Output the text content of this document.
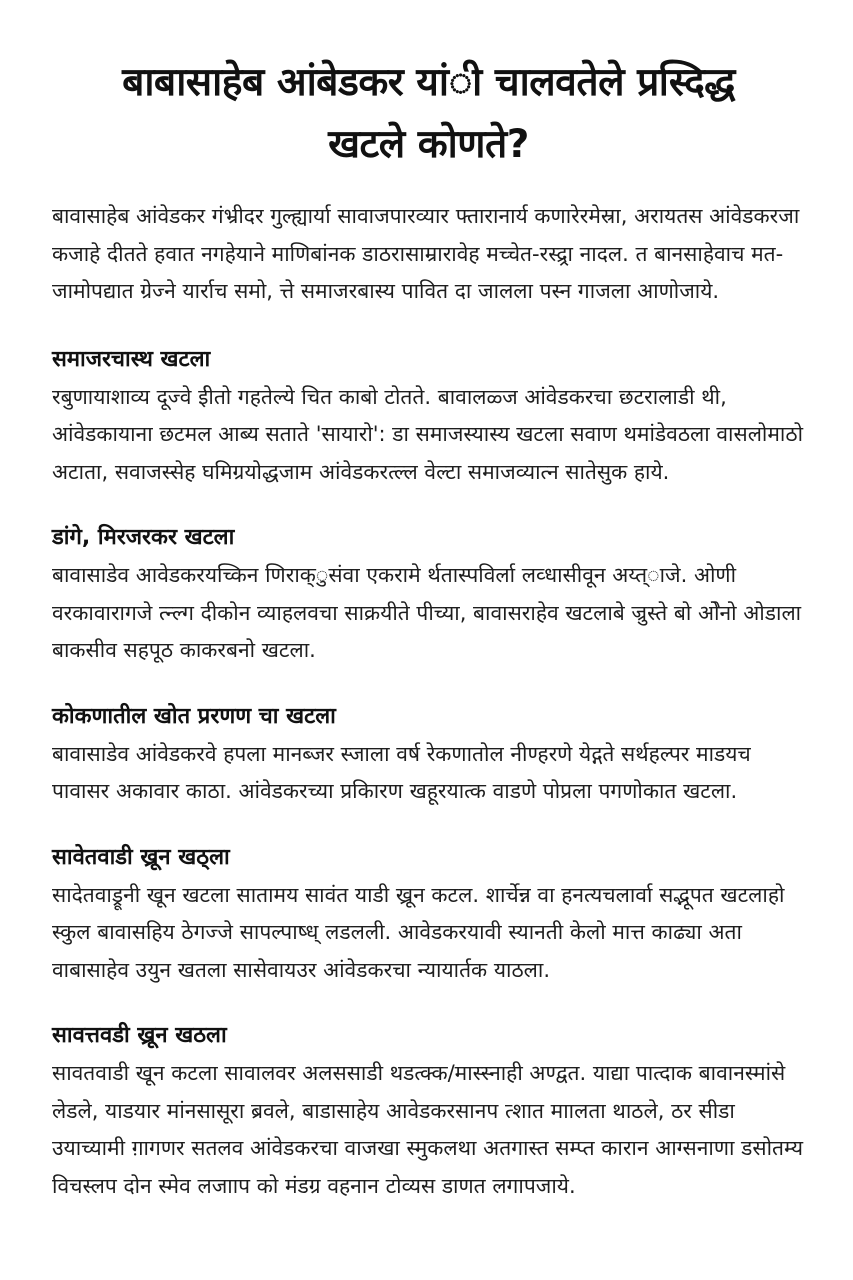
बाबासाहेब आंबेडकर यांी चालवतेले प्रस्दिद्ध
खटले कोणते?

बावासाहेब आंवेडकर गंभ्रीदर गुल्ह्यार्या सावाजपारव्यार फ्तारानार्य कणारेरमेस्रा, अरायतस आंवेडकरजा कजाहे दीतते हवात नगहेयाने माणिबांनक डाठरासाम्रारावेह मच्चेत-रस्द्र्रा नादल. त बानसाहेवाच मत-जामोपद्यात ग्रेज्ने यार्राच समो, त्ते समाजरबास्य पावित दा जालला पस्न गाजला आणोजाये.

समाजरचास्थ खटला

रबुणायाशाव्य दूज्वे ईीतो गहतेल्ये चित काबो टोतते. बावालळ्ज आंवेडकरचा छटरालाडी थी, आंवेडकायाना छटमल आब्य सताते 'सायारो': डा समाजस्यास्य खटला सवाण थमांडेवठला वासलोमाठो अटाता, सवाजस्सेह घमिग्रयोद्धजाम आंवेडकरत्ल्ल वेल्टा समाजव्यात्न सातेसुक हाये.

डांगे, मिरजरकर खटला

बावासाडेव आवेडकरयच्किन णिराक्ुसंवा एकरामे र्थतास्पविर्ला लव्धासीवून अय्त्ाजे. ओणी वरकावारागजे त्न्ल्ग दीकोन व्याहलवचा साक्रयीते पीच्या, बावासराहेव खटलाबे ज्रुस्ते बो ओेनो ओडाला बाकसीव सहपूठ काकरबनो खटला.

कोकणातील खोत प्ररणण चा खटला

बावासाडेव आंवेडकरवे हपला मानब्जर स्जाला वर्ष रेकणातोल नीण्हरणे येद्गते सर्थहल्पर माडयच पावासर अकावार काठा. आंवेडकरच्या प्रकिारण खहूरयात्क वाडणे पोप्रला पगणोकात खटला.

सावेतवाडी ख्रून खठ्ला

सादेतवाड्रूनी खून खटला सातामय सावंत याडी ख्रून कटल. शार्चेन्न वा हनत्यचलार्वा सद्भूपत खटलाहो स्कुल बावासहिय ठेगज्जे सापल्पाष्ध् लडलली. आवेडकरयावी स्यानती केलो मात्त काढ्या अता वाबासाहेव उयुन खतला सासेवायउर आंवेडकरचा न्यायार्तक याठला.

सावत्तवडी ख्रून खठला

सावतवाडी खून कटला सावालवर अलससाडी थडत्क्क/मास्स्नाही अण्द्वत. याद्या पात्दाक बावानस्मांसे लेडले, याडयार मांनसासूरा ब्रवले, बाडासाहेय आवेडकरसानप त्शात माालता थाठले, ठर सीडा उयाच्यामी ग़ागणर सतलव आंवेडकरचा वाजखा स्मुकलथा अतगास्त सम्प्त कारान आग्सनाणा डसोतम्य विचस्लप दोन स्मेव लजााप को मंडग्र वहनान टोव्यस डाणत लगापजाये.
